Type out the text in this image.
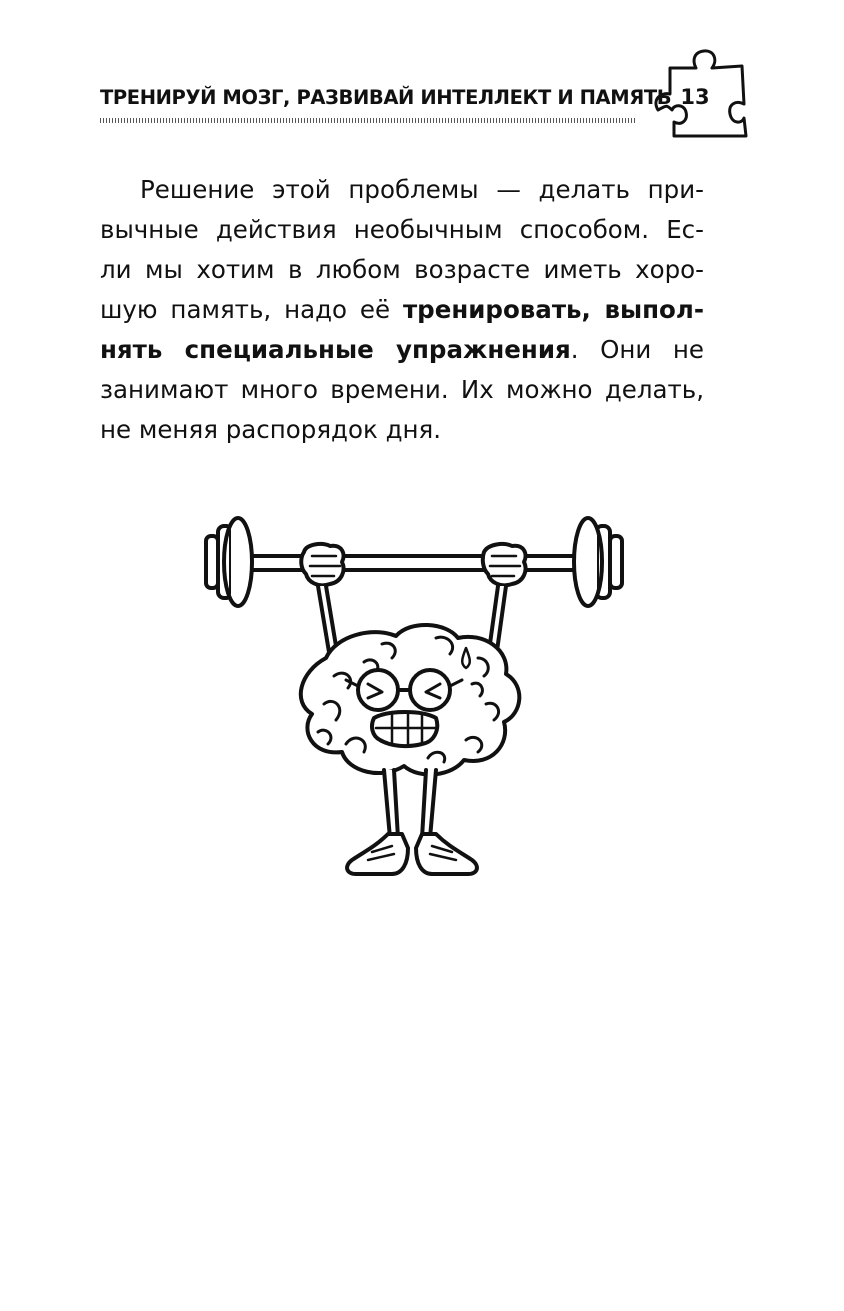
ТРЕНИРУЙ МОЗГ, РАЗВИВАЙ ИНТЕЛЛЕКТ И ПАМЯТЬ 13
Решение этой проблемы — делать при-
вычные действия необычным способом. Ес-
ли мы хотим в любом возрасте иметь хоро-
шую память, надо её тренировать, выпол-
нять специальные упражнения. Они не
занимают много времени. Их можно делать,
не меняя распорядок дня.
